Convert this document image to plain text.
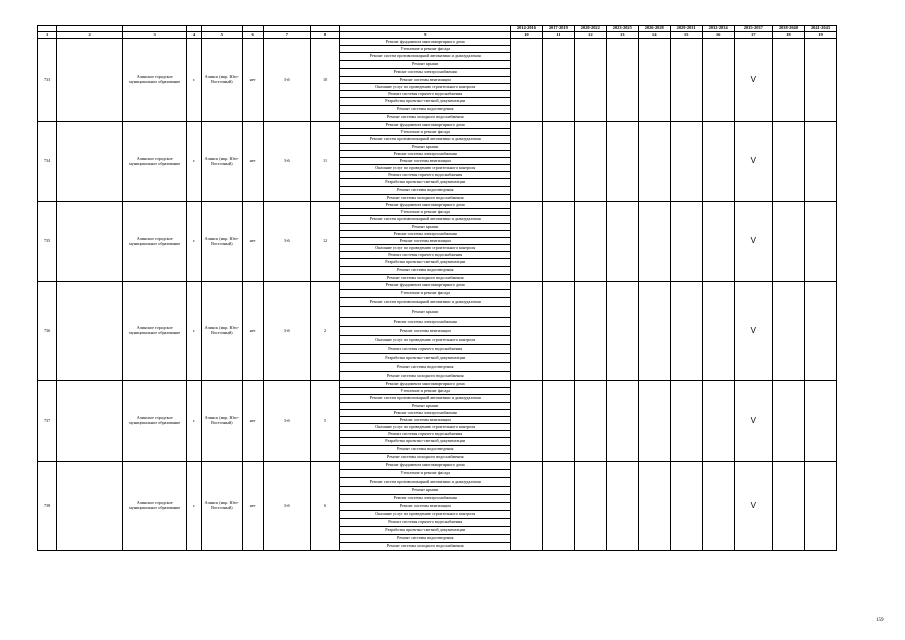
									2014-2016	2017-2019	2020-2022	2023-2025	2026-2028	2029-2031	2032-2034	2035-2037	2038-2040	2041-2043
1	2	3	4	5	6	7	8	9	10	11	12	13	14	15	16	17	18	19
733		Ачинское городское муниципальное образование	г.	Ачинск (мкр. Юго-Восточный)	нет	3-й	10	Ремонт фундамента многоквартирного дома								V		
								Утепление и ремонт фасада										
								Ремонт систем противопожарной автоматики и дымоудаления										
								Ремонт крыши										
								Ремонт системы электроснабжения										
								Ремонт системы вентиляции										
								Оказание услуг по проведению строительного контроля										
								Ремонт системы горячего водоснабжения										
								Разработка проектно-сметной документации										
								Ремонт системы водоотведения										
								Ремонт системы холодного водоснабжения										
734		Ачинское городское муниципальное образование	г.	Ачинск (мкр. Юго-Восточный)	нет	3-й	11	Ремонт фундамента многоквартирного дома								V		
								Утепление и ремонт фасада										
								Ремонт систем противопожарной автоматики и дымоудаления										
								Ремонт крыши										
								Ремонт системы электроснабжения										
								Ремонт системы вентиляции										
								Оказание услуг по проведению строительного контроля										
								Ремонт системы горячего водоснабжения										
								Разработка проектно-сметной документации										
								Ремонт системы водоотведения										
								Ремонт системы холодного водоснабжения										
735		Ачинское городское муниципальное образование	г.	Ачинск (мкр. Юго-Восточный)	нет	3-й	12	Ремонт фундамента многоквартирного дома								V		
								Утепление и ремонт фасада										
								Ремонт систем противопожарной автоматики и дымоудаления										
								Ремонт крыши										
								Ремонт системы электроснабжения										
								Ремонт системы вентиляции										
								Оказание услуг по проведению строительного контроля										
								Ремонт системы горячего водоснабжения										
								Разработка проектно-сметной документации										
								Ремонт системы водоотведения										
								Ремонт системы холодного водоснабжения										
736		Ачинское городское муниципальное образование	г.	Ачинск (мкр. Юго-Восточный)	нет	3-й	2	Ремонт фундамента многоквартирного дома								V		
								Утепление и ремонт фасада										
								Ремонт систем противопожарной автоматики и дымоудаления										
								Ремонт крыши										
								Ремонт системы электроснабжения										
								Ремонт системы вентиляции										
								Оказание услуг по проведению строительного контроля										
								Ремонт системы горячего водоснабжения										
								Разработка проектно-сметной документации										
								Ремонт системы водоотведения										
								Ремонт системы холодного водоснабжения										
737		Ачинское городское муниципальное образование	г.	Ачинск (мкр. Юго-Восточный)	нет	3-й	5	Ремонт фундамента многоквартирного дома								V		
								Утепление и ремонт фасада										
								Ремонт систем противопожарной автоматики и дымоудаления										
								Ремонт крыши										
								Ремонт системы электроснабжения										
								Ремонт системы вентиляции										
								Оказание услуг по проведению строительного контроля										
								Ремонт системы горячего водоснабжения										
								Разработка проектно-сметной документации										
								Ремонт системы водоотведения										
								Ремонт системы холодного водоснабжения										
738		Ачинское городское муниципальное образование	г.	Ачинск (мкр. Юго-Восточный)	нет	3-й	6	Ремонт фундамента многоквартирного дома								V		
								Утепление и ремонт фасада										
								Ремонт систем противопожарной автоматики и дымоудаления										
								Ремонт крыши										
								Ремонт системы электроснабжения										
								Ремонт системы вентиляции										
								Оказание услуг по проведению строительного контроля										
								Ремонт системы горячего водоснабжения										
								Разработка проектно-сметной документации										
								Ремонт системы водоотведения										
								Ремонт системы холодного водоснабжения										
159
